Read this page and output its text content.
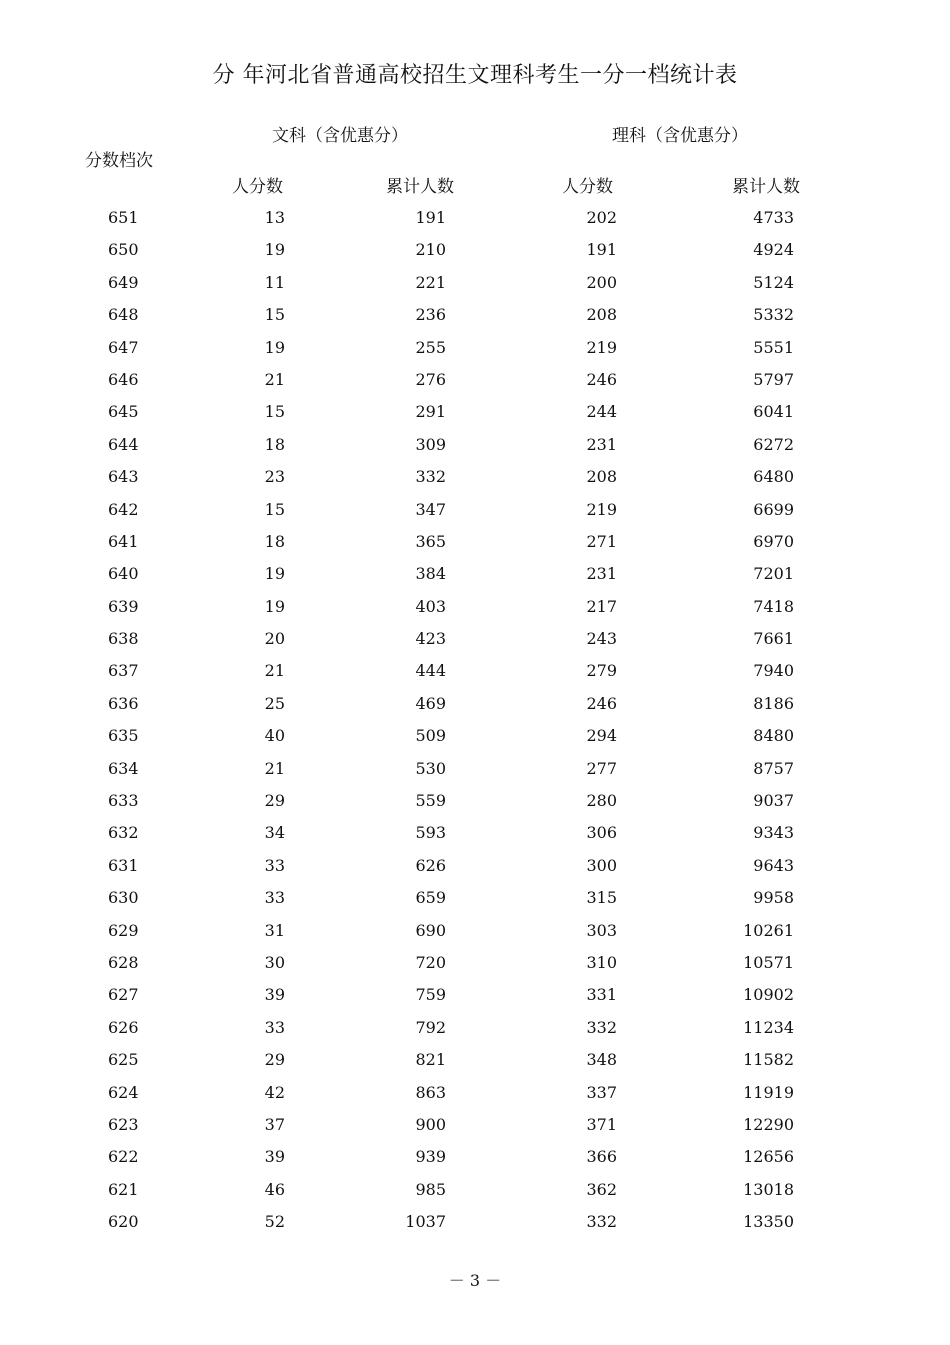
分 年河北省普通高校招生文理科考生一分一档统计表
文科（含优惠分）	理科（含优惠分）
分数档次
人分数	累计人数	人分数	累计人数
651	13	191	202	4733
650	19	210	191	4924
649	11	221	200	5124
648	15	236	208	5332
647	19	255	219	5551
646	21	276	246	5797
645	15	291	244	6041
644	18	309	231	6272
643	23	332	208	6480
642	15	347	219	6699
641	18	365	271	6970
640	19	384	231	7201
639	19	403	217	7418
638	20	423	243	7661
637	21	444	279	7940
636	25	469	246	8186
635	40	509	294	8480
634	21	530	277	8757
633	29	559	280	9037
632	34	593	306	9343
631	33	626	300	9643
630	33	659	315	9958
629	31	690	303	10261
628	30	720	310	10571
627	39	759	331	10902
626	33	792	332	11234
625	29	821	348	11582
624	42	863	337	11919
623	37	900	371	12290
622	39	939	366	12656
621	46	985	362	13018
620	52	1037	332	13350
－ 3 －
